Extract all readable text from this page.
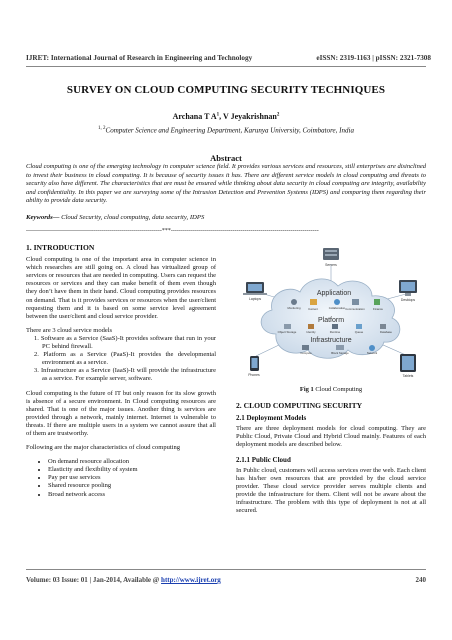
IJRET: International Journal of Research in Engineering and Technology	eISSN: 2319-1163 | pISSN: 2321-7308
SURVEY ON CLOUD COMPUTING SECURITY TECHNIQUES
Archana T $A^1$, V Jeyakrishnan$^2$
$^{1, 2}$Computer Science and Engineering Department, Karunya University, Coimbatore, India
Abstract
Cloud computing is one of the emerging technology in computer science field. It provides various services and resources, still enterprises are disinclined to invest their business in cloud computing. It is because of security issues it has. There are different service models in cloud computing and threats to security also have different. The characteristics that are must be ensured while thinking about data security in cloud computing are integrity, availability and confidentiality. In this paper we are surveying some of the Intrusion Detection and Prevention Systems (IDPS) and comparing them regarding their ability to provide data security.
Keywords— Cloud Security, cloud computing, data security, IDPS
--------------------------------------------------------------------***--------------------------------------------------------------------------
1. INTRODUCTION

Cloud computing is one of the important area in computer science in which researches are still going on. A cloud has virtualized group of services or resources that are needed in computing. Users can request the resources or services and they can make benefit of them even though they don’t have them in their hand. Cloud computing provides resources on demand. That is it provides services or resources when the user/client requesting them and it is based on some service level agreement between the user/client and cloud service provider.

There are 3 cloud service models
1. Software as a Service (SaaS)-It provides software that run in your PC behind firewall.
2. Platform as a Service (PaaS)-It provides the developmental environment as a service.
3. Infrastructure as a Service (IaaS)-It will provide the infrastructure as a service. For example server, software.

Cloud computing is the future of IT but only reason for its slow growth is absence of a secure environment. In Cloud computing resources are shared. That is one of the major issues. Another thing is services are provided through a network, mainly internet. Internet is vulnerable to threats. If there are multiple users in a system we cannot assure that all of them are trustworthy.

Following are the major characteristics of cloud computing

• On demand resource allocation
• Elasticity and flexibility of system
• Pay per use services
• Shared resource pooling
• Broad network access
Servers
Laptops	Desktops
Application
Platform
Infrastructure
Monitoring	Content	Collaboration Communication	Finance
Object Storage	Identity	Runtime	Queue	Database
Compute	Block Storage	Network
Phones	Tablets
Fig 1 Cloud Computing
2. CLOUD COMPUTING SECURITY
2.1 Deployment Models

There are three deployment models for cloud computing. They are Public Cloud, Private Cloud and Hybrid Cloud mainly. Features of each deployment models are described below.

2.1.1 Public Cloud

In Public cloud, customers will access services over the web. Each client has his/her own resources that are provided by the cloud service provider. These cloud service provider serves multiple clients and provide the infrastructure for them. Client will not be aware about the infrastructure. The problem with this type of deployment is not at all secured.

Volume: 03 Issue: 01 | Jan-2014, Available @ http://www.ijret.org	240
